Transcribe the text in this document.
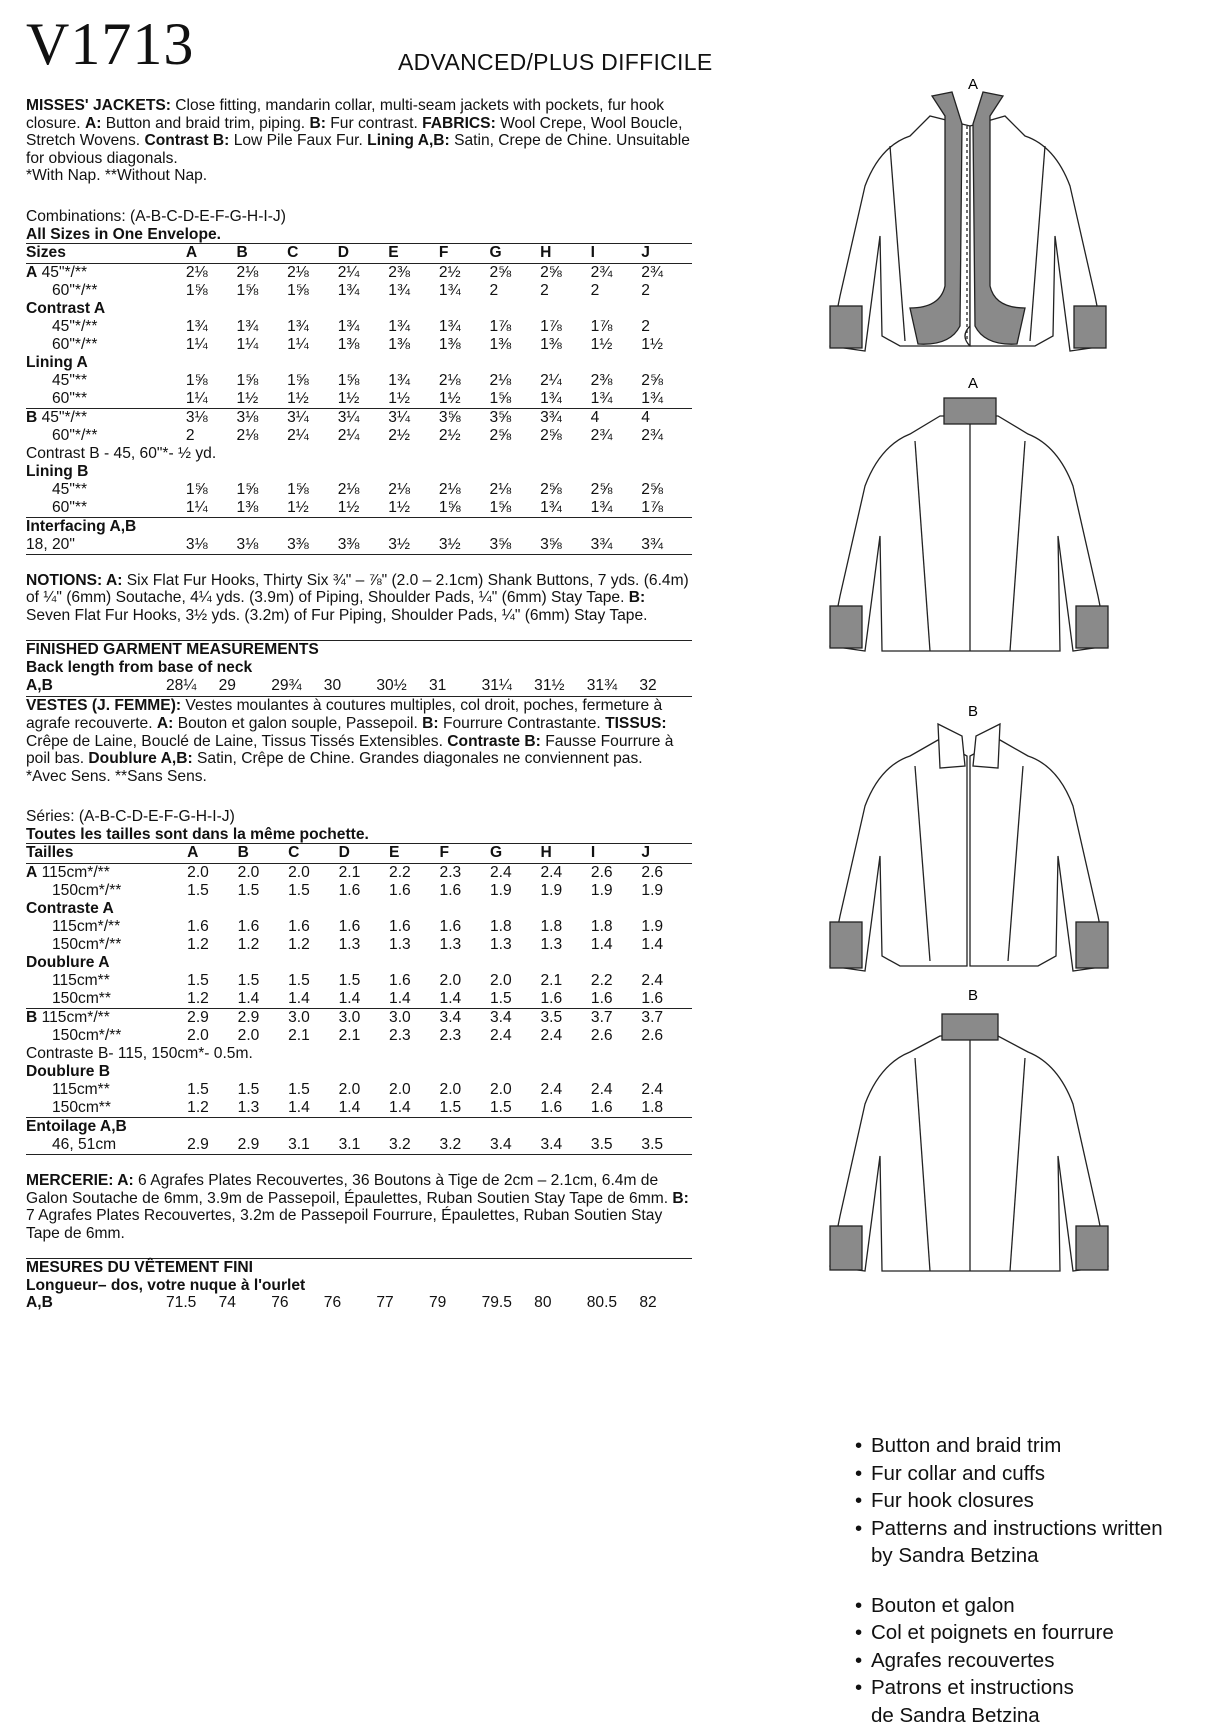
V1713	ADVANCED/PLUS DIFFICILE

MISSES' JACKETS: Close fitting, mandarin collar, multi-seam jackets with pockets, fur hook closure. A: Button and braid trim, piping. B: Fur contrast. FABRICS: Wool Crepe, Wool Boucle, Stretch Wovens. Contrast B: Low Pile Faux Fur. Lining A,B: Satin, Crepe de Chine. Unsuitable for obvious diagonals.

*With Nap. **Without Nap.

Combinations: (A-B-C-D-E-F-G-H-I-J)
All Sizes in One Envelope.
Sizes	A	B	C	D	E	F	G	H	I	J
A 45"*/**	2⅛	2⅛	2⅛	2¼	2⅜	2½	2⅝	2⅝	2¾	2¾
60"*/**	1⅝	1⅝	1⅝	1¾	1¾	1¾	2	2	2	2
Contrast A										
45"*/**	1¾	1¾	1¾	1¾	1¾	1¾	1⅞	1⅞	1⅞	2
60"*/**	1¼	1¼	1¼	1⅜	1⅜	1⅜	1⅜	1⅜	1½	1½
Lining A										
45"**	1⅝	1⅝	1⅝	1⅝	1¾	2⅛	2⅛	2¼	2⅜	2⅝
60"**	1¼	1½	1½	1½	1½	1½	1⅝	1¾	1¾	1¾
B 45"*/**	3⅛	3⅛	3¼	3¼	3¼	3⅝	3⅝	3¾	4	4
60"*/**	2	2⅛	2¼	2¼	2½	2½	2⅝	2⅝	2¾	2¾
Contrast B - 45, 60"*- ½ yd.										
Lining B										
45"**	1⅝	1⅝	1⅝	2⅛	2⅛	2⅛	2⅛	2⅝	2⅝	2⅝
60"**	1¼	1⅜	1½	1½	1½	1⅝	1⅝	1¾	1¾	1⅞
Interfacing A,B										
18, 20"	3⅛	3⅛	3⅜	3⅜	3½	3½	3⅝	3⅝	3¾	3¾

NOTIONS: A: Six Flat Fur Hooks, Thirty Six ¾" – ⅞" (2.0 – 2.1cm) Shank Buttons, 7 yds. (6.4m) of ¼" (6mm) Soutache, 4¼ yds. (3.9m) of Piping, Shoulder Pads, ¼" (6mm) Stay Tape. B: Seven Flat Fur Hooks, 3½ yds. (3.2m) of Fur Piping, Shoulder Pads, ¼" (6mm) Stay Tape.

FINISHED GARMENT MEASUREMENTS
Back length from base of neck
A,B	28¼	29	29¾	30	30½	31	31¼	31½	31¾	32

VESTES (J. FEMME): Vestes moulantes à coutures multiples, col droit, poches, fermeture à agrafe recouverte. A: Bouton et galon souple, Passepoil. B: Fourrure Contrastante. TISSUS: Crêpe de Laine, Bouclé de Laine, Tissus Tissés Extensibles. Contraste B: Fausse Fourrure à poil bas. Doublure A,B: Satin, Crêpe de Chine. Grandes diagonales ne conviennent pas.

*Avec Sens. **Sans Sens.

Séries: (A-B-C-D-E-F-G-H-I-J)
Toutes les tailles sont dans la même pochette.
Tailles	A	B	C	D	E	F	G	H	I	J
A 115cm*/**	2.0	2.0	2.0	2.1	2.2	2.3	2.4	2.4	2.6	2.6
150cm*/**	1.5	1.5	1.5	1.6	1.6	1.6	1.9	1.9	1.9	1.9
Contraste A										
115cm*/**	1.6	1.6	1.6	1.6	1.6	1.6	1.8	1.8	1.8	1.9
150cm*/**	1.2	1.2	1.2	1.3	1.3	1.3	1.3	1.3	1.4	1.4
Doublure A										
115cm**	1.5	1.5	1.5	1.5	1.6	2.0	2.0	2.1	2.2	2.4
150cm**	1.2	1.4	1.4	1.4	1.4	1.4	1.5	1.6	1.6	1.6
B 115cm*/**	2.9	2.9	3.0	3.0	3.0	3.4	3.4	3.5	3.7	3.7
150cm*/**	2.0	2.0	2.1	2.1	2.3	2.3	2.4	2.4	2.6	2.6
Contraste B- 115, 150cm*- 0.5m.										
Doublure B										
115cm**	1.5	1.5	1.5	2.0	2.0	2.0	2.0	2.4	2.4	2.4
150cm**	1.2	1.3	1.4	1.4	1.4	1.5	1.5	1.6	1.6	1.8
Entoilage A,B										
46, 51cm	2.9	2.9	3.1	3.1	3.2	3.2	3.4	3.4	3.5	3.5

MERCERIE: A: 6 Agrafes Plates Recouvertes, 36 Boutons à Tige de 2cm – 2.1cm, 6.4m de Galon Soutache de 6mm, 3.9m de Passepoil, Épaulettes, Ruban Soutien Stay Tape de 6mm. B: 7 Agrafes Plates Recouvertes, 3.2m de Passepoil Fourrure, Épaulettes, Ruban Soutien Stay Tape de 6mm.

MESURES DU VÊTEMENT FINI
Longueur– dos, votre nuque à l'ourlet
A,B	71.5	74	76	76	77	79	79.5	80	80.5	82
A
A
B
B
• Button and braid trim
• Fur collar and cuffs
• Fur hook closures
• Patterns and instructions written
by Sandra Betzina
• Bouton et galon
• Col et poignets en fourrure
• Agrafes recouvertes
• Patrons et instructions
de Sandra Betzina
